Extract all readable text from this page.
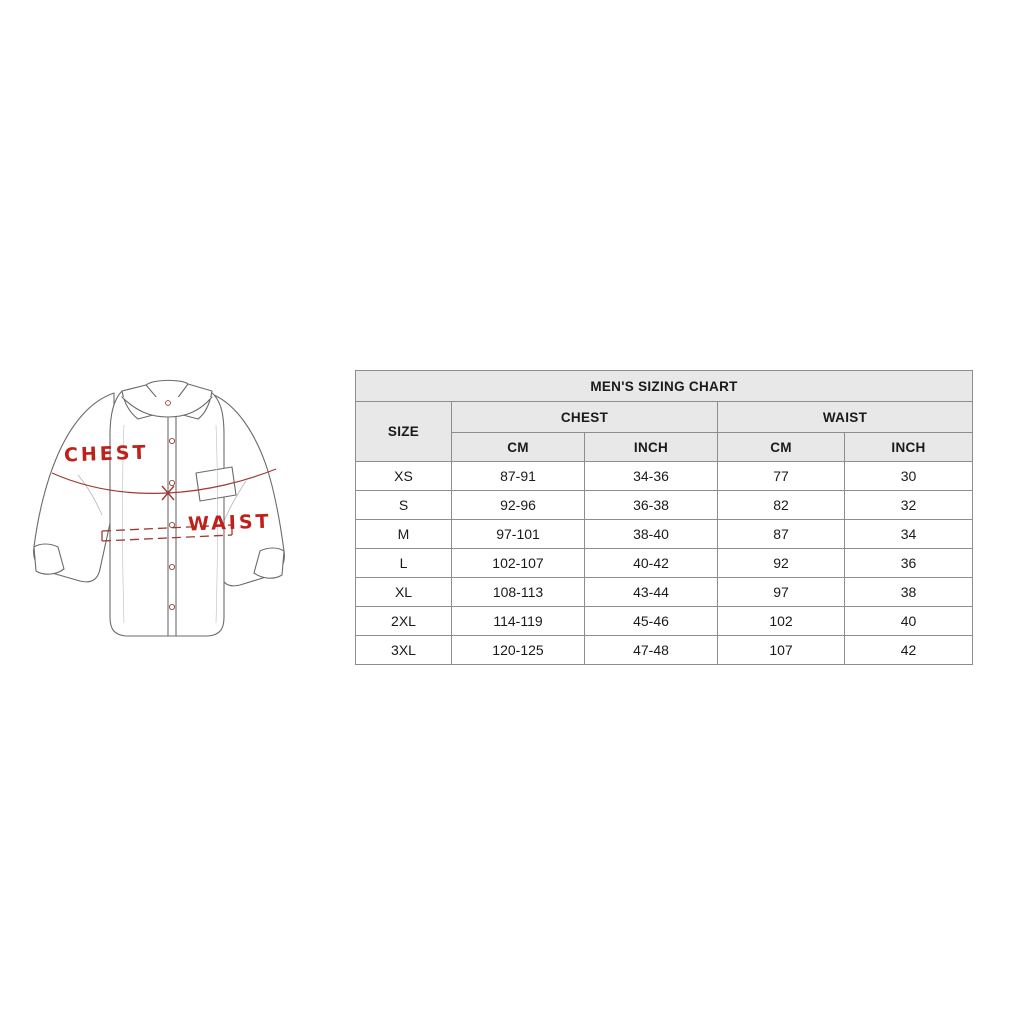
CHEST
WAIST
MEN'S SIZING CHART				
SIZE	CHEST		WAIST	
	CM	INCH	CM	INCH
XS	87-91	34-36	77	30
S	92-96	36-38	82	32
M	97-101	38-40	87	34
L	102-107	40-42	92	36
XL	108-113	43-44	97	38
2XL	114-119	45-46	102	40
3XL	120-125	47-48	107	42
